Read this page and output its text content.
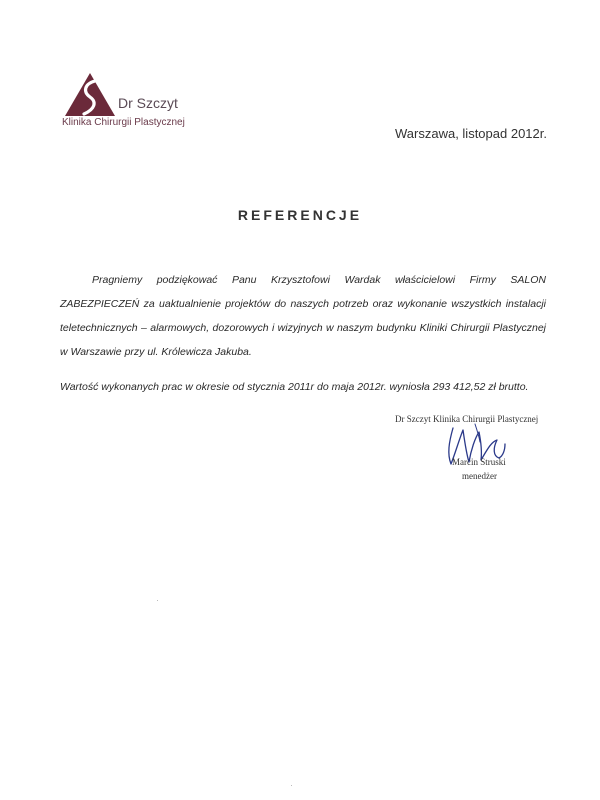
Dr Szczyt
Klinika Chirurgii Plastycznej
Warszawa, listopad 2012r.
REFERENCJE

Pragniemy podziękować Panu Krzysztofowi Wardak właścicielowi Firmy SALON ZABEZPIECZEŃ za uaktualnienie projektów do naszych potrzeb oraz wykonanie wszystkich instalacji teletechnicznych – alarmowych, dozorowych i wizyjnych w naszym budynku Kliniki Chirurgii Plastycznej w Warszawie przy ul. Królewicza Jakuba.

Wartość wykonanych prac w okresie od stycznia 2011r do maja 2012r. wyniosła 293 412,52 zł brutto.

Dr Szczyt Klinika Chirurgii Plastycznej
Marcin Struski
menedżer
